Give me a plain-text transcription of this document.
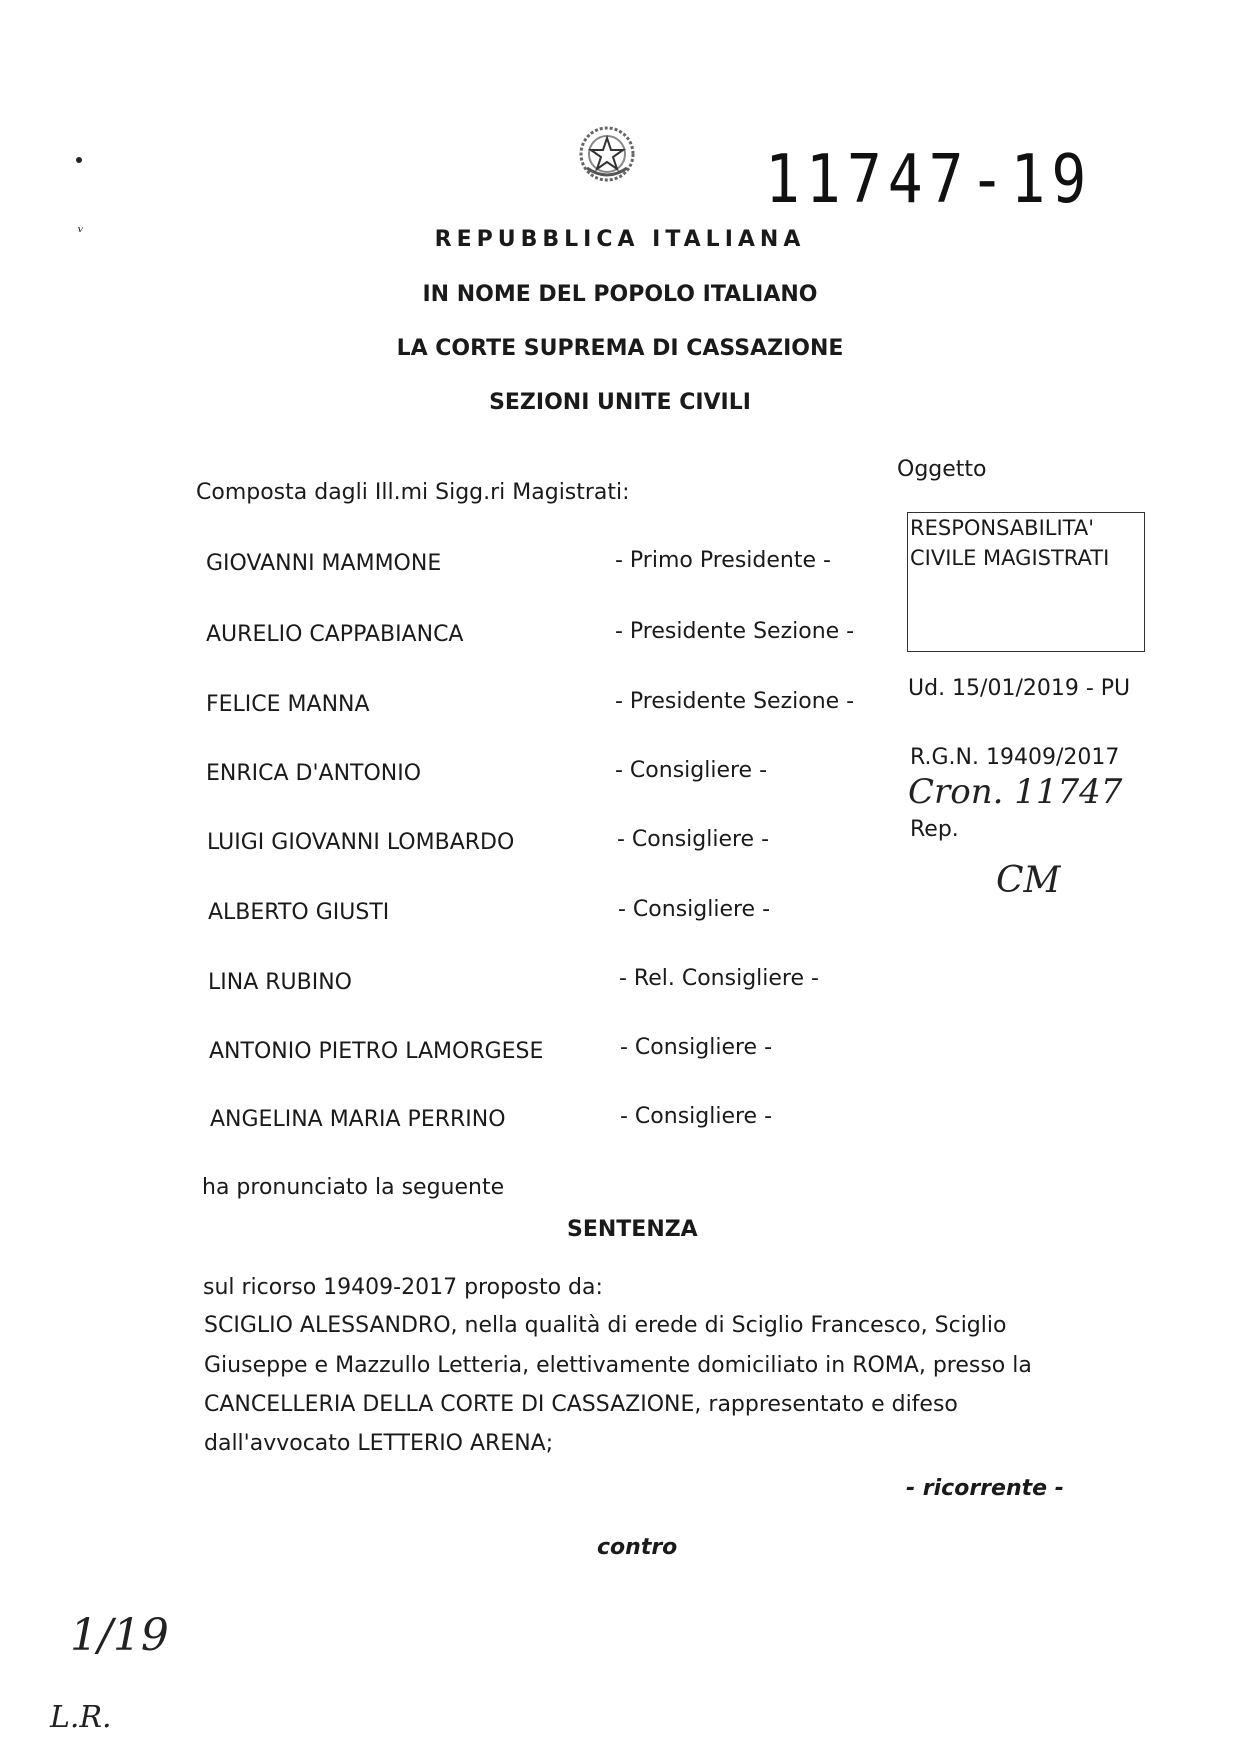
11747-19
ᵛ	REPUBBLICA ITALIANA
IN NOME DEL POPOLO ITALIANO
LA CORTE SUPREMA DI CASSAZIONE
SEZIONI UNITE CIVILI
Composta dagli Ill.mi Sigg.ri Magistrati:
Oggetto
RESPONSABILITA'
CIVILE MAGISTRATI
Ud. 15/01/2019 - PU
R.G.N. 19409/2017
Cron. 11747
Rep.
CM
GIOVANNI MAMMONE	- Primo Presidente -
AURELIO CAPPABIANCA	- Presidente Sezione -
FELICE MANNA	- Presidente Sezione -
ENRICA D'ANTONIO	- Consigliere -
LUIGI GIOVANNI LOMBARDO	- Consigliere -
ALBERTO GIUSTI	- Consigliere -
LINA RUBINO	- Rel. Consigliere -
ANTONIO PIETRO LAMORGESE	- Consigliere -
ANGELINA MARIA PERRINO	- Consigliere -
ha pronunciato la seguente
SENTENZA
sul ricorso 19409-2017 proposto da:
SCIGLIO ALESSANDRO, nella qualità di erede di Sciglio Francesco, Sciglio
Giuseppe e Mazzullo Letteria, elettivamente domiciliato in ROMA, presso la
CANCELLERIA DELLA CORTE DI CASSAZIONE, rappresentato e difeso
dall'avvocato LETTERIO ARENA;
- ricorrente -
contro
1/19
L.R.
